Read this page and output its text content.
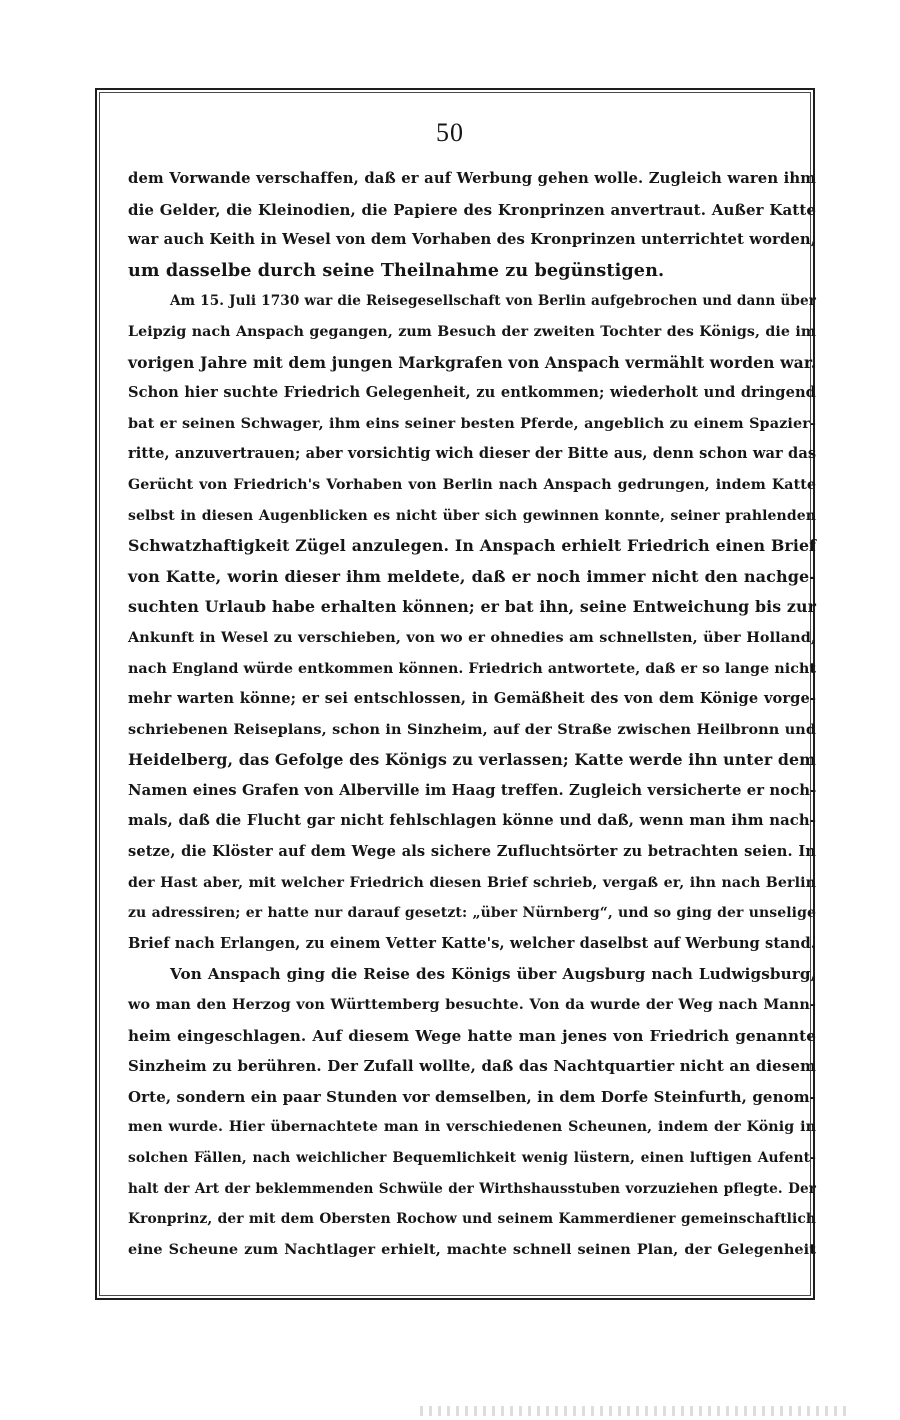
50
dem Vorwande verschaffen, daß er auf Werbung gehen wolle. Zugleich waren ihm
die Gelder, die Kleinodien, die Papiere des Kronprinzen anvertraut. Außer Katte
war auch Keith in Wesel von dem Vorhaben des Kronprinzen unterrichtet worden,
um dasselbe durch seine Theilnahme zu begünstigen.
Am 15. Juli 1730 war die Reisegesellschaft von Berlin aufgebrochen und dann über
Leipzig nach Anspach gegangen, zum Besuch der zweiten Tochter des Königs, die im
vorigen Jahre mit dem jungen Markgrafen von Anspach vermählt worden war.
Schon hier suchte Friedrich Gelegenheit, zu entkommen; wiederholt und dringend
bat er seinen Schwager, ihm eins seiner besten Pferde, angeblich zu einem Spazier-
ritte, anzuvertrauen; aber vorsichtig wich dieser der Bitte aus, denn schon war das
Gerücht von Friedrich's Vorhaben von Berlin nach Anspach gedrungen, indem Katte
selbst in diesen Augenblicken es nicht über sich gewinnen konnte, seiner prahlenden
Schwatzhaftigkeit Zügel anzulegen. In Anspach erhielt Friedrich einen Brief
von Katte, worin dieser ihm meldete, daß er noch immer nicht den nachge-
suchten Urlaub habe erhalten können; er bat ihn, seine Entweichung bis zur
Ankunft in Wesel zu verschieben, von wo er ohnedies am schnellsten, über Holland,
nach England würde entkommen können. Friedrich antwortete, daß er so lange nicht
mehr warten könne; er sei entschlossen, in Gemäßheit des von dem Könige vorge-
schriebenen Reiseplans, schon in Sinzheim, auf der Straße zwischen Heilbronn und
Heidelberg, das Gefolge des Königs zu verlassen; Katte werde ihn unter dem
Namen eines Grafen von Alberville im Haag treffen. Zugleich versicherte er noch-
mals, daß die Flucht gar nicht fehlschlagen könne und daß, wenn man ihm nach-
setze, die Klöster auf dem Wege als sichere Zufluchtsörter zu betrachten seien. In
der Hast aber, mit welcher Friedrich diesen Brief schrieb, vergaß er, ihn nach Berlin
zu adressiren; er hatte nur darauf gesetzt: „über Nürnberg“, und so ging der unselige
Brief nach Erlangen, zu einem Vetter Katte's, welcher daselbst auf Werbung stand.
Von Anspach ging die Reise des Königs über Augsburg nach Ludwigsburg,
wo man den Herzog von Württemberg besuchte. Von da wurde der Weg nach Mann-
heim eingeschlagen. Auf diesem Wege hatte man jenes von Friedrich genannte
Sinzheim zu berühren. Der Zufall wollte, daß das Nachtquartier nicht an diesem
Orte, sondern ein paar Stunden vor demselben, in dem Dorfe Steinfurth, genom-
men wurde. Hier übernachtete man in verschiedenen Scheunen, indem der König in
solchen Fällen, nach weichlicher Bequemlichkeit wenig lüstern, einen luftigen Aufent-
halt der Art der beklemmenden Schwüle der Wirthshausstuben vorzuziehen pflegte. Der
Kronprinz, der mit dem Obersten Rochow und seinem Kammerdiener gemeinschaftlich
eine Scheune zum Nachtlager erhielt, machte schnell seinen Plan, der Gelegenheit
